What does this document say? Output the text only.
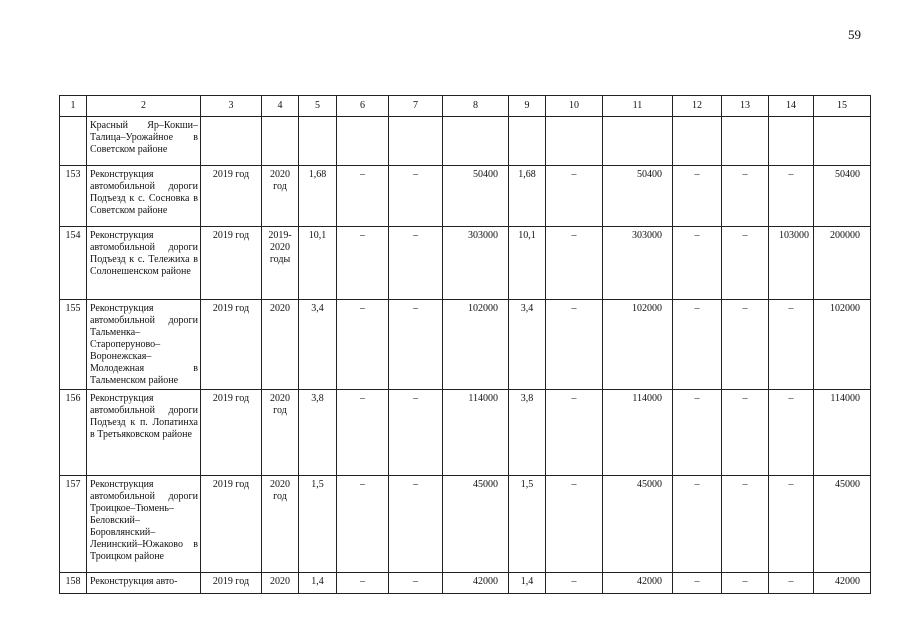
59
1	2	3	4	5	6	7	8	9	10	11	12	13	14	15
	Красный Яр–Кокши–Талица–Урожайное в Советском районе													
153	Реконструкция автомобильной дороги Подъезд к с. Сосновка в Советском районе	2019 год	2020 год	1,68	–	–	50400	1,68	–	50400	–	–	–	50400
154	Реконструкция автомобильной дороги Подъезд к с. Тележиха в Солонешенском районе	2019 год	2019-2020 годы	10,1	–	–	303000	10,1	–	303000	–	–	103000	200000
155	Реконструкция автомобильной дороги Тальменка–Староперуново–Воронежская–Молодежная в Тальменском районе	2019 год	2020	3,4	–	–	102000	3,4	–	102000	–	–	–	102000
156	Реконструкция автомобильной дороги Подъезд к п. Лопатинха в Третьяковском районе	2019 год	2020 год	3,8	–	–	114000	3,8	–	114000	–	–	–	114000
157	Реконструкция автомобильной дороги Троицкое–Тюмень–Беловский–Боровлянский–Ленинский–Южаково в Троицком районе	2019 год	2020 год	1,5	–	–	45000	1,5	–	45000	–	–	–	45000
158	Реконструкция авто-	2019 год	2020	1,4	–	–	42000	1,4	–	42000	–	–	–	42000
